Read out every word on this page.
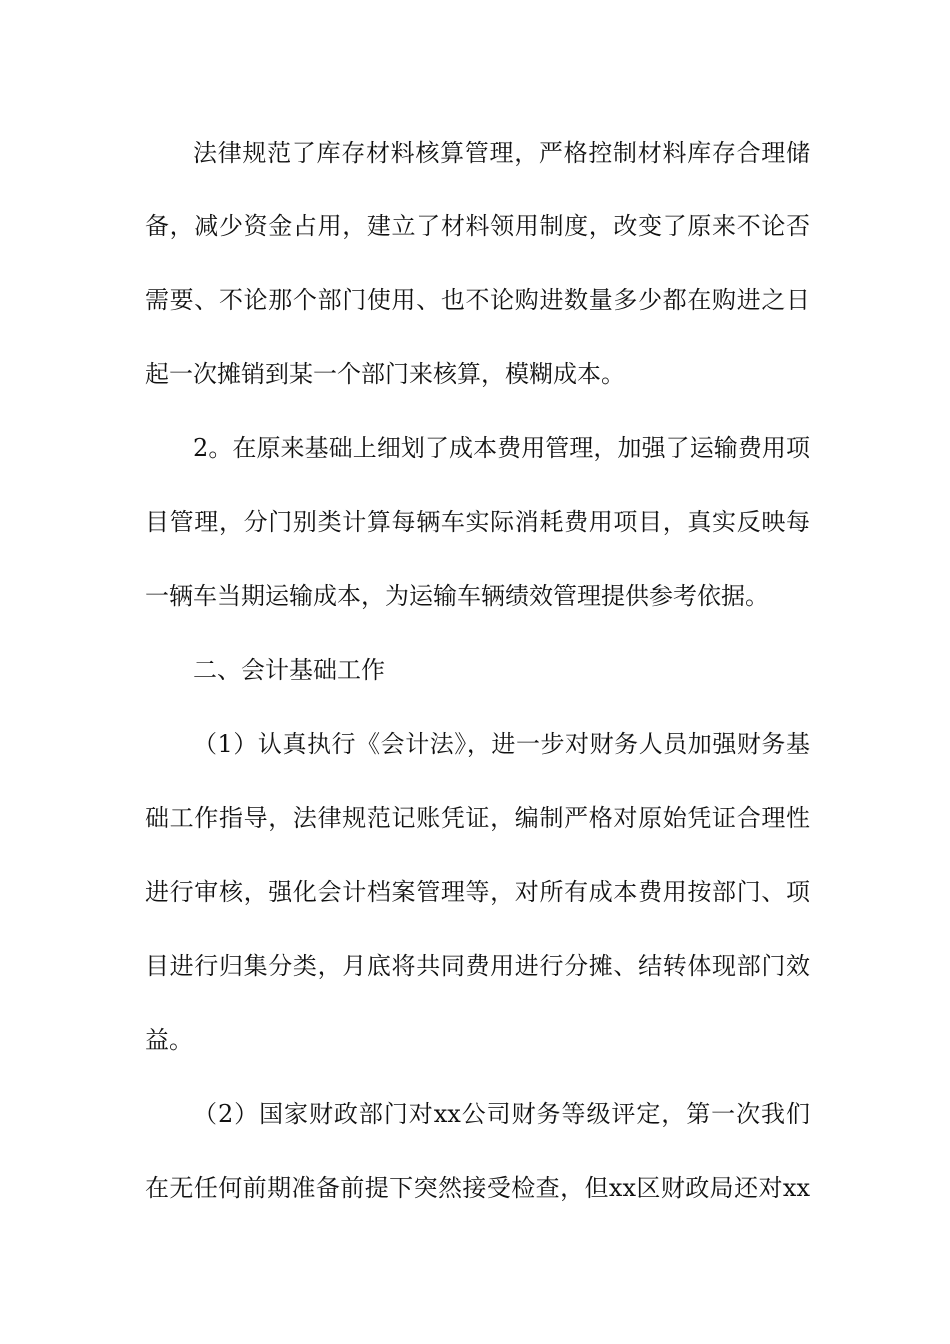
法律规范了库存材料核算管理，严格控制材料库存合理储
备，减少资金占用，建立了材料领用制度，改变了原来不论否
需要、不论那个部门使用、也不论购进数量多少都在购进之日
起一次摊销到某一个部门来核算，模糊成本。
2。在原来基础上细划了成本费用管理，加强了运输费用项
目管理，分门别类计算每辆车实际消耗费用项目，真实反映每
一辆车当期运输成本，为运输车辆绩效管理提供参考依据。
二、会计基础工作
（1）认真执行《会计法》，进一步对财务人员加强财务基
础工作指导，法律规范记账凭证，编制严格对原始凭证合理性
进行审核，强化会计档案管理等，对所有成本费用按部门、项
目进行归集分类，月底将共同费用进行分摊、结转体现部门效
益。
（2）国家财政部门对xx公司财务等级评定，第一次我们
在无任何前期准备前提下突然接受检查，但xx区财政局还对xx
